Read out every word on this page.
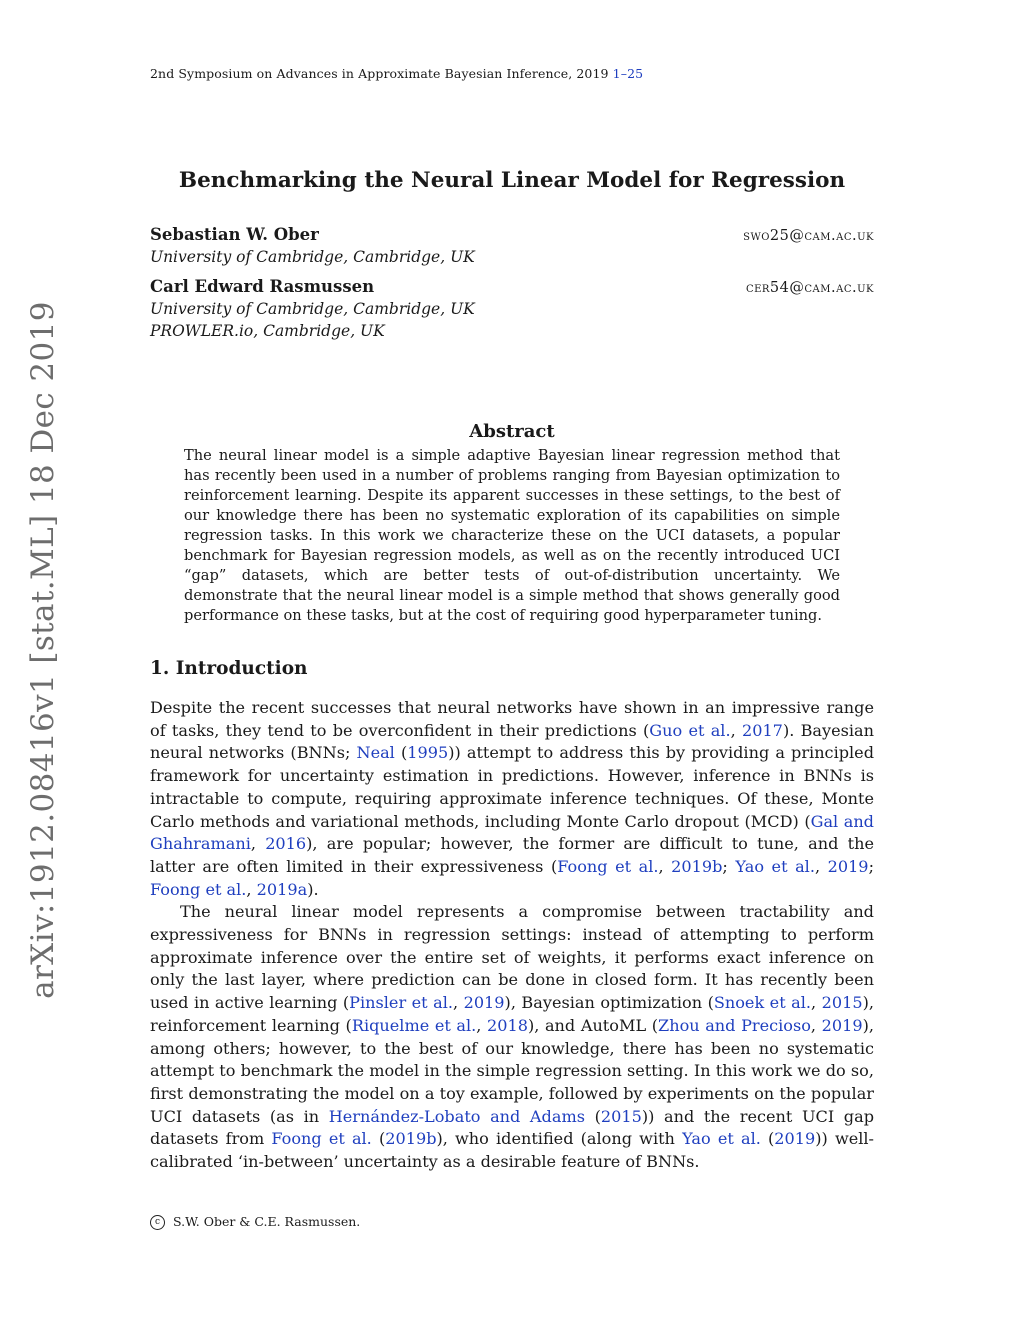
2nd Symposium on Advances in Approximate Bayesian Inference, 2019 1–25
arXiv:1912.08416v1 [stat.ML] 18 Dec 2019
Benchmarking the Neural Linear Model for Regression
Sebastian W. Ober	swo25@cam.ac.uk
University of Cambridge, Cambridge, UK
Carl Edward Rasmussen	cer54@cam.ac.uk
University of Cambridge, Cambridge, UK
PROWLER.io, Cambridge, UK
Abstract

The neural linear model is a simple adaptive Bayesian linear regression method that has recently been used in a number of problems ranging from Bayesian optimization to reinforcement learning. Despite its apparent successes in these settings, to the best of our knowledge there has been no systematic exploration of its capabilities on simple regression tasks. In this work we characterize these on the UCI datasets, a popular benchmark for Bayesian regression models, as well as on the recently introduced UCI “gap” datasets, which are better tests of out-of-distribution uncertainty. We demonstrate that the neural linear model is a simple method that shows generally good performance on these tasks, but at the cost of requiring good hyperparameter tuning.

1. Introduction

Despite the recent successes that neural networks have shown in an impressive range of tasks, they tend to be overconfident in their predictions (Guo et al., 2017). Bayesian neural networks (BNNs; Neal (1995)) attempt to address this by providing a principled framework for uncertainty estimation in predictions. However, inference in BNNs is intractable to compute, requiring approximate inference techniques. Of these, Monte Carlo methods and variational methods, including Monte Carlo dropout (MCD) (Gal and Ghahramani, 2016), are popular; however, the former are difficult to tune, and the latter are often limited in their expressiveness (Foong et al., 2019b; Yao et al., 2019; Foong et al., 2019a).

The neural linear model represents a compromise between tractability and expressiveness for BNNs in regression settings: instead of attempting to perform approximate inference over the entire set of weights, it performs exact inference on only the last layer, where prediction can be done in closed form. It has recently been used in active learning (Pinsler et al., 2019), Bayesian optimization (Snoek et al., 2015), reinforcement learning (Riquelme et al., 2018), and AutoML (Zhou and Precioso, 2019), among others; however, to the best of our knowledge, there has been no systematic attempt to benchmark the model in the simple regression setting. In this work we do so, first demonstrating the model on a toy example, followed by experiments on the popular UCI datasets (as in Hernández-Lobato and Adams (2015)) and the recent UCI gap datasets from Foong et al. (2019b), who identified (along with Yao et al. (2019)) well-calibrated ‘in-between’ uncertainty as a desirable feature of BNNs.

c S.W. Ober & C.E. Rasmussen.
